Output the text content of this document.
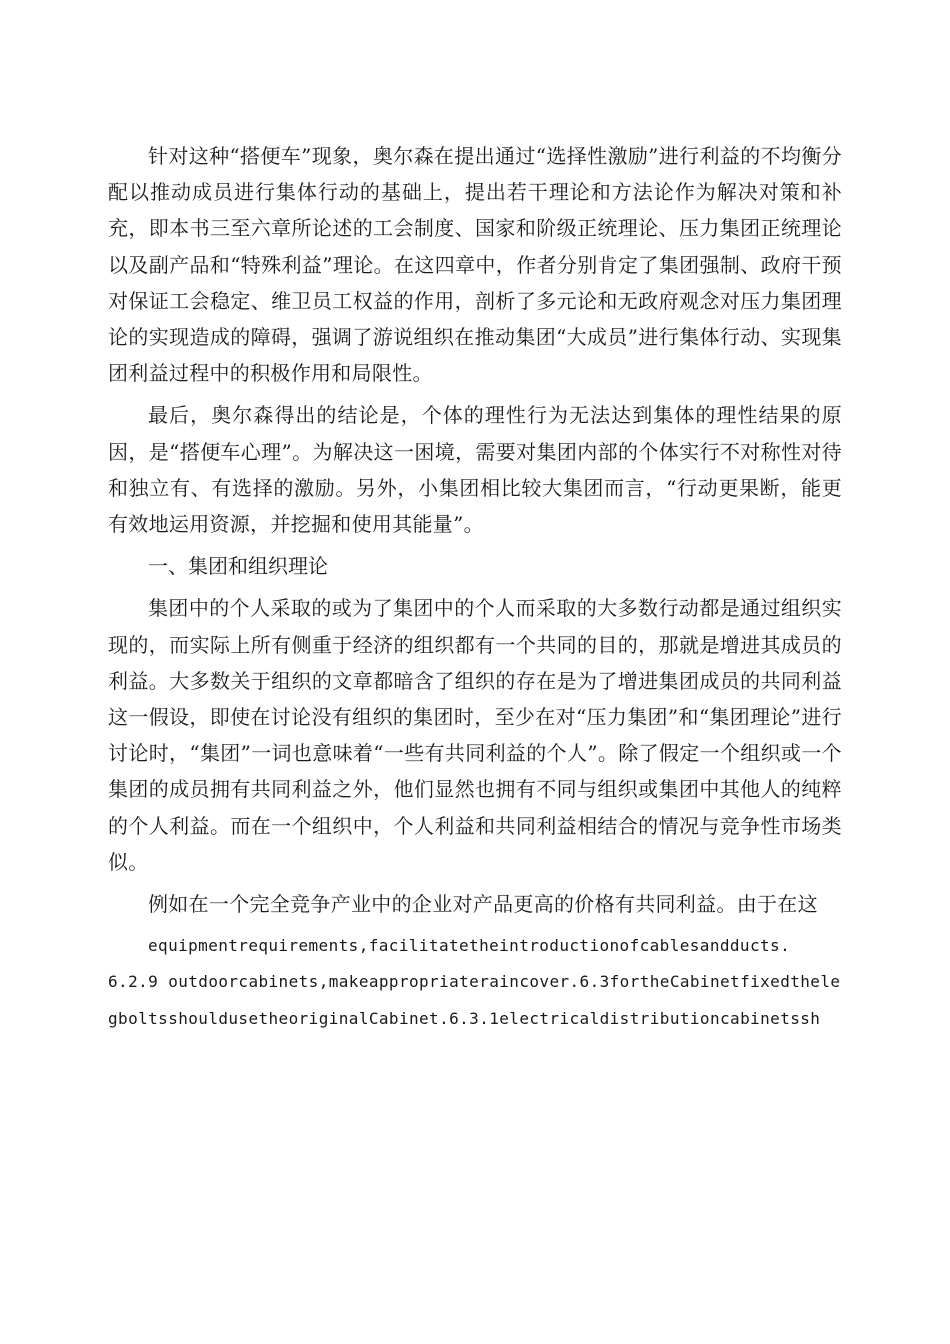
针对这种“搭便车”现象，奥尔森在提出通过“选择性激励”进行利益的不均衡分配以推动成员进行集体行动的基础上，提出若干理论和方法论作为解决对策和补充，即本书三至六章所论述的工会制度、国家和阶级正统理论、压力集团正统理论以及副产品和“特殊利益”理论。在这四章中，作者分别肯定了集团强制、政府干预对保证工会稳定、维卫员工权益的作用，剖析了多元论和无政府观念对压力集团理论的实现造成的障碍，强调了游说组织在推动集团“大成员”进行集体行动、实现集团利益过程中的积极作用和局限性。

最后，奥尔森得出的结论是，个体的理性行为无法达到集体的理性结果的原因，是“搭便车心理”。为解决这一困境，需要对集团内部的个体实行不对称性对待和独立有、有选择的激励。另外，小集团相比较大集团而言，“行动更果断，能更有效地运用资源，并挖掘和使用其能量”。

一、集团和组织理论

集团中的个人采取的或为了集团中的个人而采取的大多数行动都是通过组织实现的，而实际上所有侧重于经济的组织都有一个共同的目的，那就是增进其成员的利益。大多数关于组织的文章都暗含了组织的存在是为了增进集团成员的共同利益这一假设，即使在讨论没有组织的集团时，至少在对“压力集团”和“集团理论”进行讨论时，“集团”一词也意味着“一些有共同利益的个人”。除了假定一个组织或一个集团的成员拥有共同利益之外，他们显然也拥有不同与组织或集团中其他人的纯粹的个人利益。而在一个组织中，个人利益和共同利益相结合的情况与竞争性市场类似。

例如在一个完全竞争产业中的企业对产品更高的价格有共同利益。由于在这

equipmentrequirements,facilitatetheintroductionofcablesandducts.

6.2.9 outdoorcabinets,makeappropriateraincover.6.3fortheCabinetfixedthelegboltsshouldusetheoriginalCabinet.6.3.1electricaldistributioncabinetssh
